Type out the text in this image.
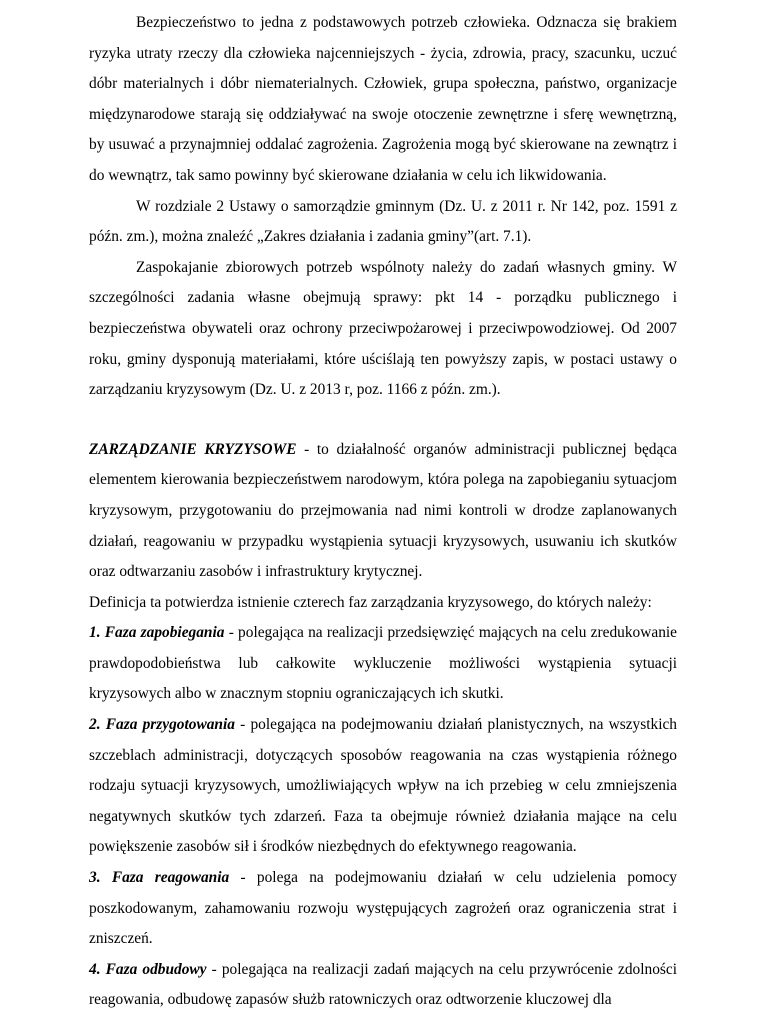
Bezpieczeństwo to jedna z podstawowych potrzeb człowieka. Odznacza się brakiem ryzyka utraty rzeczy dla człowieka najcenniejszych - życia, zdrowia, pracy, szacunku, uczuć dóbr materialnych i dóbr niematerialnych. Człowiek, grupa społeczna, państwo, organizacje międzynarodowe starają się oddziaływać na swoje otoczenie zewnętrzne i sferę wewnętrzną, by usuwać a przynajmniej oddalać zagrożenia. Zagrożenia mogą być skierowane na zewnątrz i do wewnątrz, tak samo powinny być skierowane działania w celu ich likwidowania.

W rozdziale 2 Ustawy o samorządzie gminnym (Dz. U. z 2011 r. Nr 142, poz. 1591 z późn. zm.), można znaleźć „Zakres działania i zadania gminy”(art. 7.1).

Zaspokajanie zbiorowych potrzeb wspólnoty należy do zadań własnych gminy. W szczególności zadania własne obejmują sprawy: pkt 14 - porządku publicznego i bezpieczeństwa obywateli oraz ochrony przeciwpożarowej i przeciwpowodziowej. Od 2007 roku, gminy dysponują materiałami, które uściślają ten powyższy zapis, w postaci ustawy o zarządzaniu kryzysowym (Dz. U. z 2013 r, poz. 1166 z późn. zm.).

ZARZĄDZANIE KRYZYSOWE - to działalność organów administracji publicznej będąca elementem kierowania bezpieczeństwem narodowym, która polega na zapobieganiu sytuacjom kryzysowym, przygotowaniu do przejmowania nad nimi kontroli w drodze zaplanowanych działań, reagowaniu w przypadku wystąpienia sytuacji kryzysowych, usuwaniu ich skutków oraz odtwarzaniu zasobów i infrastruktury krytycznej.

Definicja ta potwierdza istnienie czterech faz zarządzania kryzysowego, do których należy:

1. Faza zapobiegania - polegająca na realizacji przedsięwzięć mających na celu zredukowanie prawdopodobieństwa lub całkowite wykluczenie możliwości wystąpienia sytuacji kryzysowych albo w znacznym stopniu ograniczających ich skutki.

2. Faza przygotowania - polegająca na podejmowaniu działań planistycznych, na wszystkich szczeblach administracji, dotyczących sposobów reagowania na czas wystąpienia różnego rodzaju sytuacji kryzysowych, umożliwiających wpływ na ich przebieg w celu zmniejszenia negatywnych skutków tych zdarzeń. Faza ta obejmuje również działania mające na celu powiększenie zasobów sił i środków niezbędnych do efektywnego reagowania.

3. Faza reagowania - polega na podejmowaniu działań w celu udzielenia pomocy poszkodowanym, zahamowaniu rozwoju występujących zagrożeń oraz ograniczenia strat i zniszczeń.

4. Faza odbudowy - polegająca na realizacji zadań mających na celu przywrócenie zdolności reagowania, odbudowę zapasów służb ratowniczych oraz odtworzenie kluczowej dla
